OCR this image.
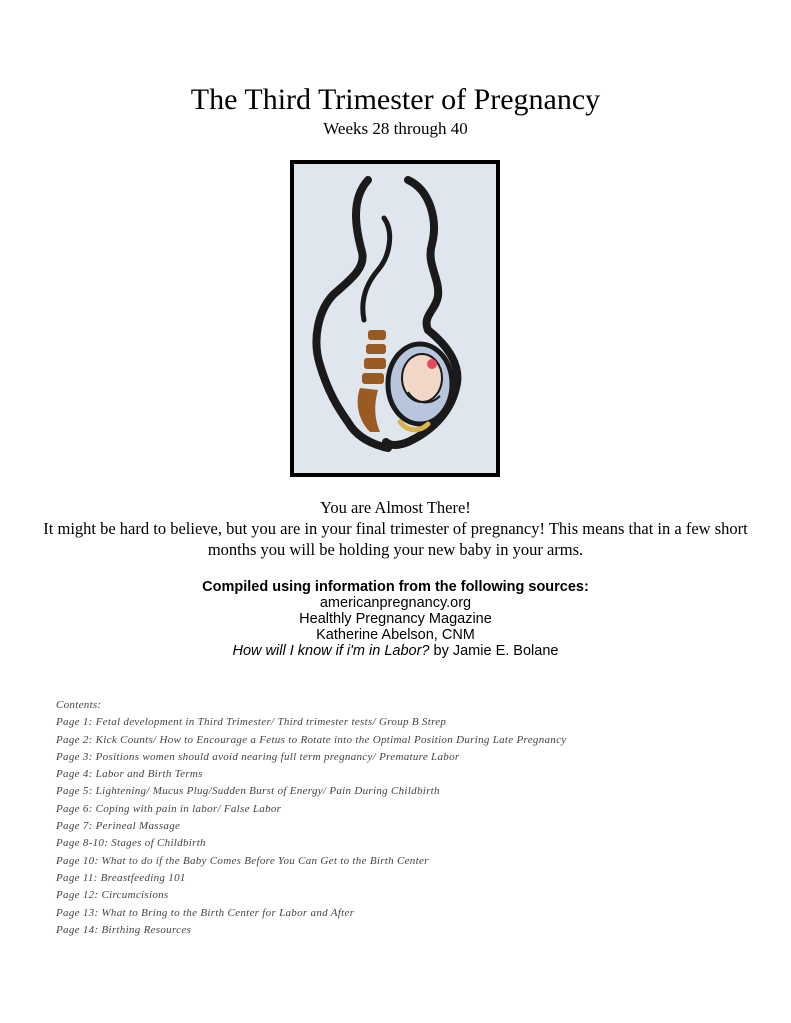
The Third Trimester of Pregnancy
Weeks 28 through 40

You are Almost There!

It might be hard to believe, but you are in your final trimester of pregnancy! This means that in a few short months you will be holding your new baby in your arms.

Compiled using information from the following sources:

americanpregnancy.org

Healthly Pregnancy Magazine

Katherine Abelson, CNM

How will I know if i'm in Labor? by Jamie E. Bolane

Contents:
Page 1: Fetal development in Third Trimester/ Third trimester tests/ Group B Strep
Page 2: Kick Counts/ How to Encourage a Fetus to Rotate into the Optimal Position During Late Pregnancy
Page 3: Positions women should avoid nearing full term pregnancy/ Premature Labor
Page 4: Labor and Birth Terms
Page 5: Lightening/ Mucus Plug/Sudden Burst of Energy/ Pain During Childbirth
Page 6: Coping with pain in labor/ False Labor
Page 7: Perineal Massage
Page 8-10: Stages of Childbirth
Page 10: What to do if the Baby Comes Before You Can Get to the Birth Center
Page 11: Breastfeeding 101
Page 12: Circumcisions
Page 13: What to Bring to the Birth Center for Labor and After
Page 14: Birthing Resources
